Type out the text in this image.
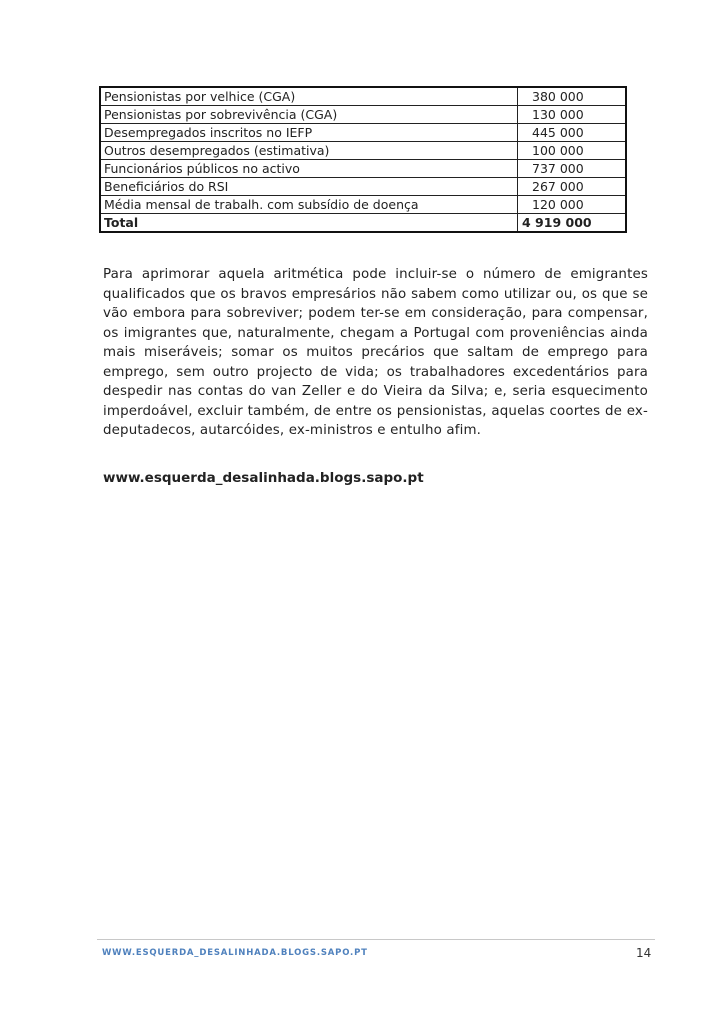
Pensionistas por velhice (CGA)	380 000
Pensionistas por sobrevivência (CGA)	130 000
Desempregados inscritos no IEFP	445 000
Outros desempregados (estimativa)	100 000
Funcionários públicos no activo	737 000
Beneficiários do RSI	267 000
Média mensal de trabalh. com subsídio de doença	120 000
Total	4 919 000

Para aprimorar aquela aritmética pode incluir-se o número de emigrantes qualificados que os bravos empresários não sabem como utilizar ou, os que se vão embora para sobreviver; podem ter-se em consideração, para compensar, os imigrantes que, naturalmente, chegam a Portugal com proveniências ainda mais miseráveis; somar os muitos precários que saltam de emprego para emprego, sem outro projecto de vida; os trabalhadores excedentários para despedir nas contas do van Zeller e do Vieira da Silva; e, seria esquecimento imperdoável, excluir também, de entre os pensionistas, aquelas coortes de ex-deputadecos, autarcóides, ex-ministros e entulho afim.

www.esquerda_desalinhada.blogs.sapo.pt
WWW.ESQUERDA_DESALINHADA.BLOGS.SAPO.PT	14
